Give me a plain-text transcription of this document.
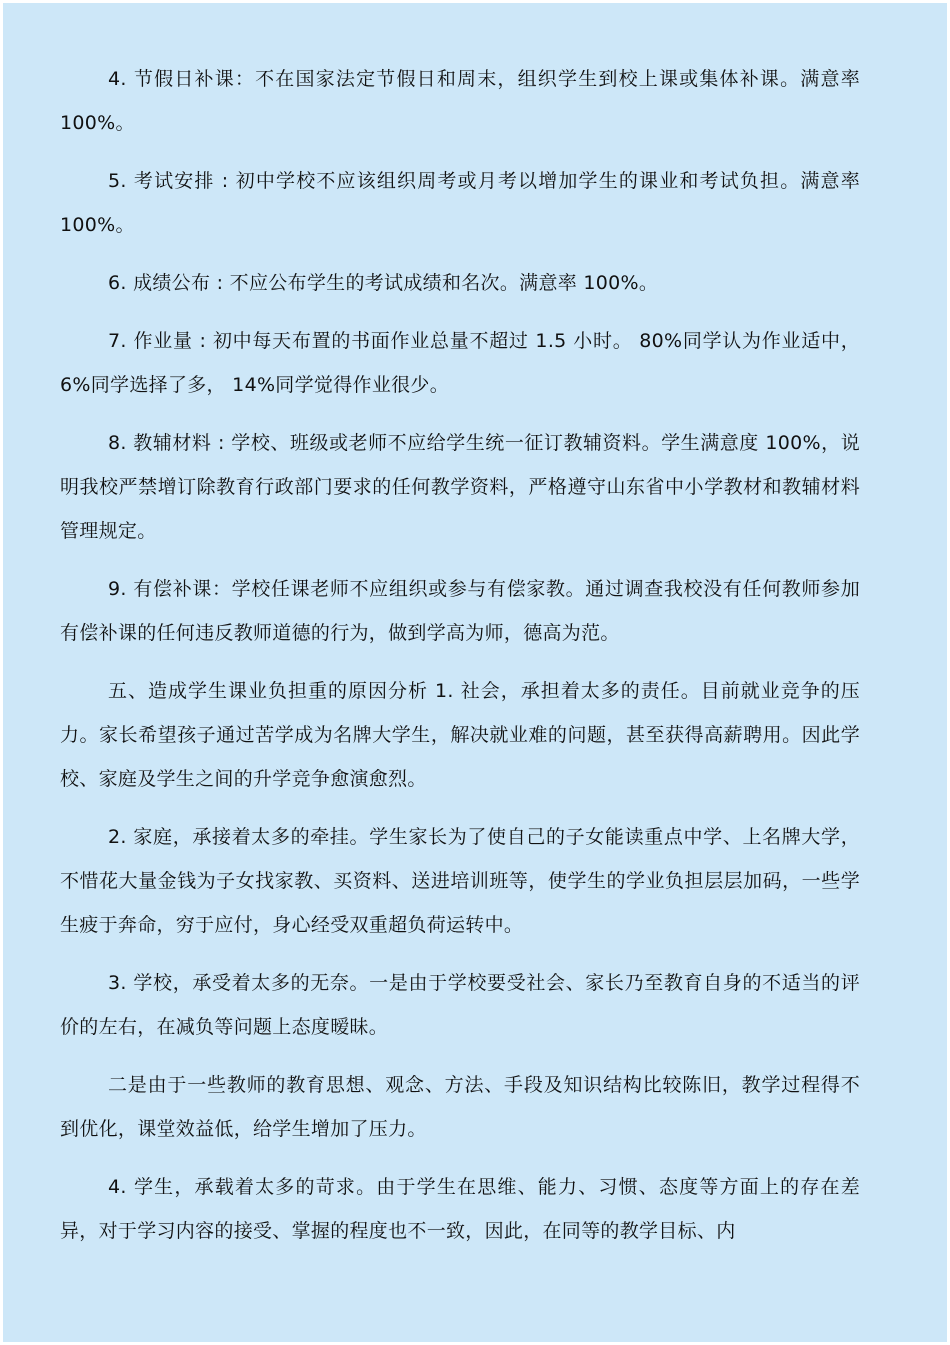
4. 节假日补课：不在国家法定节假日和周末，组织学生到校上课或集体补课。满意率 100%。

5. 考试安排 : 初中学校不应该组织周考或月考以增加学生的课业和考试负担。满意率 100%。

6. 成绩公布 : 不应公布学生的考试成绩和名次。满意率 100%。

7. 作业量 : 初中每天布置的书面作业总量不超过 1.5 小时。 80%同学认为作业适中， 6%同学选择了多， 14%同学觉得作业很少。

8. 教辅材料 : 学校、班级或老师不应给学生统一征订教辅资料。学生满意度 100%，说明我校严禁增订除教育行政部门要求的任何教学资料，严格遵守山东省中小学教材和教辅材料管理规定。

9. 有偿补课：学校任课老师不应组织或参与有偿家教。通过调查我校没有任何教师参加有偿补课的任何违反教师道德的行为，做到学高为师，德高为范。

五、造成学生课业负担重的原因分析 1. 社会，承担着太多的责任。目前就业竞争的压力。家长希望孩子通过苦学成为名牌大学生，解决就业难的问题，甚至获得高薪聘用。因此学校、家庭及学生之间的升学竞争愈演愈烈。

2. 家庭，承接着太多的牵挂。学生家长为了使自己的子女能读重点中学、上名牌大学，不惜花大量金钱为子女找家教、买资料、送进培训班等，使学生的学业负担层层加码，一些学生疲于奔命，穷于应付，身心经受双重超负荷运转中。

3. 学校，承受着太多的无奈。一是由于学校要受社会、家长乃至教育自身的不适当的评价的左右，在减负等问题上态度暧昧。

二是由于一些教师的教育思想、观念、方法、手段及知识结构比较陈旧，教学过程得不到优化，课堂效益低，给学生增加了压力。

4. 学生，承载着太多的苛求。由于学生在思维、能力、习惯、态度等方面上的存在差异，对于学习内容的接受、掌握的程度也不一致，因此，在同等的教学目标、内
